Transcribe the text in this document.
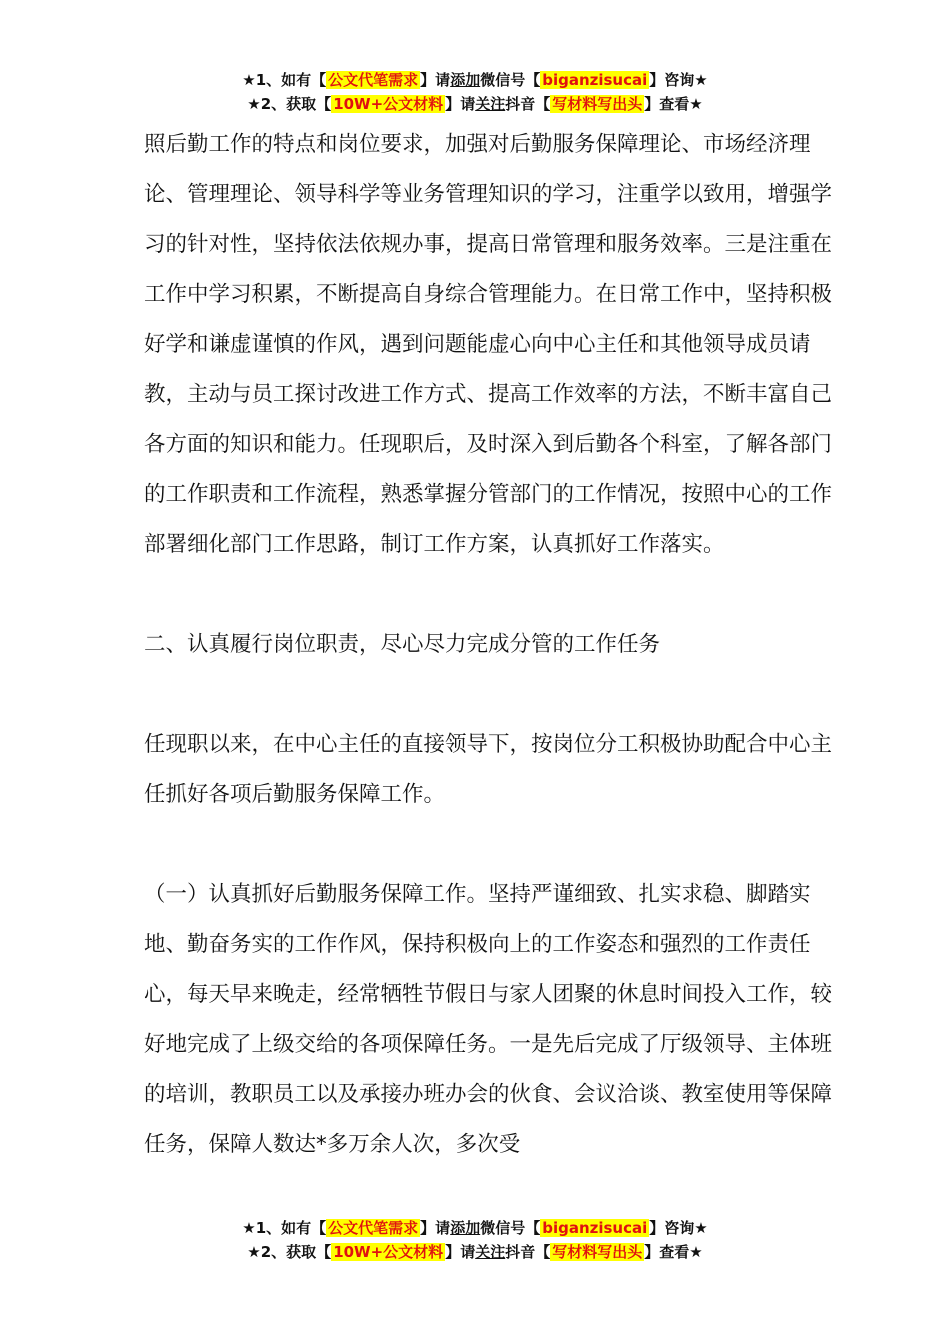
★1、如有【 公文代笔需求 】请添加微信号【 biganzisucai 】咨询★
★2、获取【 10W+公文材料 】请关注抖音【 写材料写出头 】查看★

照后勤工作的特点和岗位要求，加强对后勤服务保障理论、市场经济理论、管理理论、领导科学等业务管理知识的学习，注重学以致用，增强学习的针对性，坚持依法依规办事，提高日常管理和服务效率。三是注重在工作中学习积累，不断提高自身综合管理能力。在日常工作中，坚持积极好学和谦虚谨慎的作风，遇到问题能虚心向中心主任和其他领导成员请教，主动与员工探讨改进工作方式、提高工作效率的方法，不断丰富自己各方面的知识和能力。任现职后，及时深入到后勤各个科室，了解各部门的工作职责和工作流程，熟悉掌握分管部门的工作情况，按照中心的工作部署细化部门工作思路，制订工作方案，认真抓好工作落实。

二、认真履行岗位职责，尽心尽力完成分管的工作任务

任现职以来，在中心主任的直接领导下，按岗位分工积极协助配合中心主任抓好各项后勤服务保障工作。

（一）认真抓好后勤服务保障工作。坚持严谨细致、扎实求稳、脚踏实地、勤奋务实的工作作风，保持积极向上的工作姿态和强烈的工作责任心，每天早来晚走，经常牺牲节假日与家人团聚的休息时间投入工作，较好地完成了上级交给的各项保障任务。一是先后完成了厅级领导、主体班的培训，教职员工以及承接办班办会的伙食、会议洽谈、教室使用等保障任务，保障人数达*多万余人次，多次受

★1、如有【 公文代笔需求 】请添加微信号【 biganzisucai 】咨询★
★2、获取【 10W+公文材料 】请关注抖音【 写材料写出头 】查看★
